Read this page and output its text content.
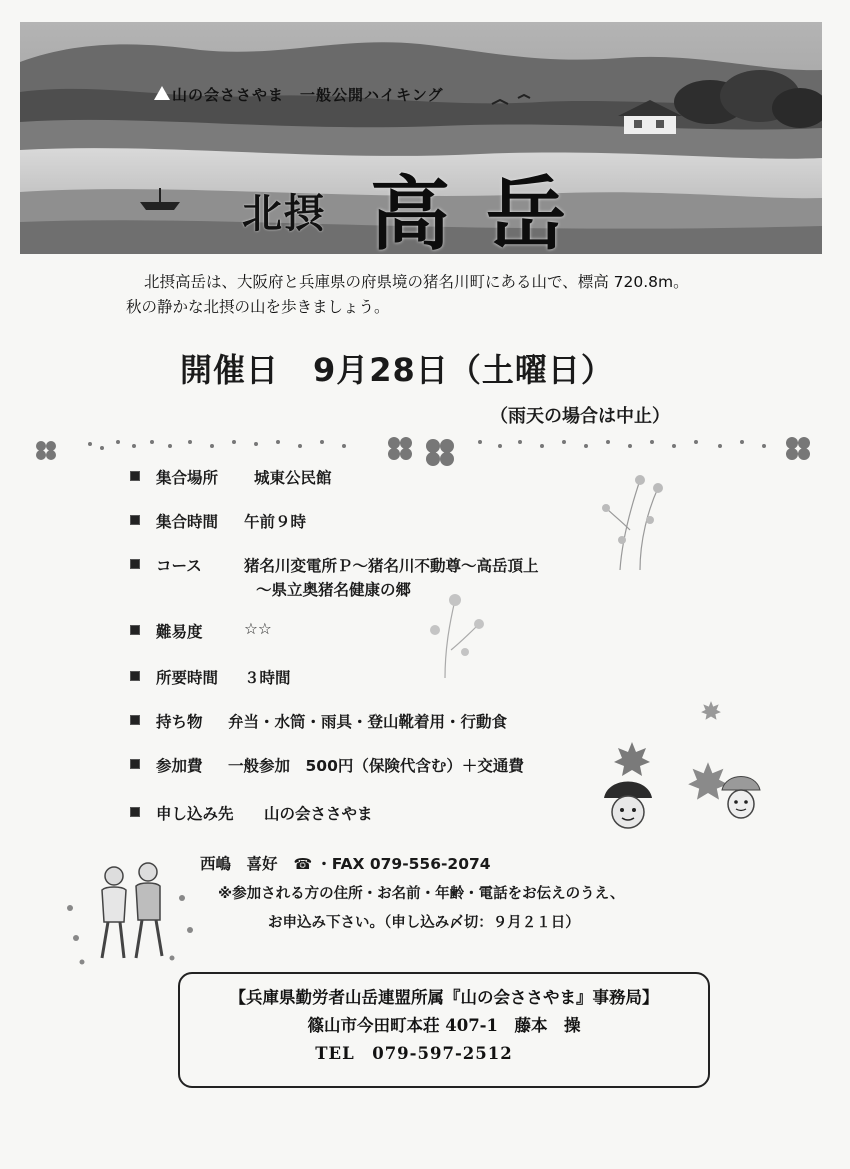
山の会ささやま　一般公開ハイキング
北摂 高岳

北摂高岳は、大阪府と兵庫県の府県境の猪名川町にある山で、標高 720.8m。

秋の静かな北摂の山を歩きましょう。

開催日 9月28日（土曜日）
（雨天の場合は中止）
集合場所	城東公民館
集合時間	午前９時
コース	猪名川変電所Ｐ～猪名川不動尊～高岳頂上
～県立奥猪名健康の郷
難易度	☆☆
所要時間	３時間
持ち物	弁当・水筒・雨具・登山靴着用・行動食
参加費	一般参加　500円（保険代含む）＋交通費
申し込み先	山の会ささやま
西嶋　喜好 ☎ ・FAX 079-556-2074
※参加される方の住所・お名前・年齢・電話をお伝えのうえ、
お申込み下さい。（申し込み〆切：９月２１日）
【兵庫県勤労者山岳連盟所属『山の会ささやま』事務局】
篠山市今田町本荘 407-1　藤本　操
TEL　079-597-2512
